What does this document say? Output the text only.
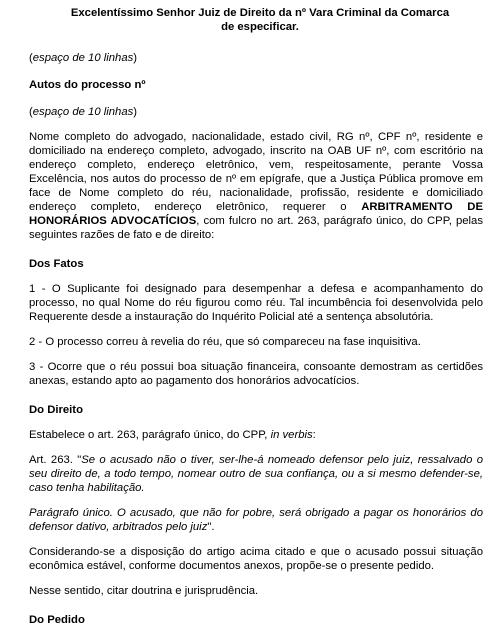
Excelentíssimo Senhor Juiz de Direito da nº Vara Criminal da Comarca
de especificar.
(espaço de 10 linhas)
Autos do processo nº
(espaço de 10 linhas)
Nome completo do advogado, nacionalidade, estado civil, RG nº, CPF nº, residente e domiciliado na endereço completo, advogado, inscrito na OAB UF nº, com escritório na endereço completo, endereço eletrônico, vem, respeitosamente, perante Vossa Excelência, nos autos do processo de nº em epígrafe, que a Justiça Pública promove em face de Nome completo do réu, nacionalidade, profissão, residente e domiciliado endereço completo, endereço eletrônico, requerer o ARBITRAMENTO DE HONORÁRIOS ADVOCATÍCIOS, com fulcro no art. 263, parágrafo único, do CPP, pelas seguintes razões de fato e de direito:
Dos Fatos
1 - O Suplicante foi designado para desempenhar a defesa e acompanhamento do processo, no qual Nome do réu figurou como réu. Tal incumbência foi desenvolvida pelo Requerente desde a instauração do Inquérito Policial até a sentença absolutória.
2 - O processo correu à revelia do réu, que só compareceu na fase inquisitiva.
3 - Ocorre que o réu possui boa situação financeira, consoante demostram as certidões anexas, estando apto ao pagamento dos honorários advocatícios.
Do Direito
Estabelece o art. 263, parágrafo único, do CPP, in verbis:
Art. 263. "Se o acusado não o tiver, ser-lhe-á nomeado defensor pelo juiz, ressalvado o seu direito de, a todo tempo, nomear outro de sua confiança, ou a si mesmo defender-se, caso tenha habilitação.
Parágrafo único. O acusado, que não for pobre, será obrigado a pagar os honorários do defensor dativo, arbitrados pelo juiz".
Considerando-se a disposição do artigo acima citado e que o acusado possui situação econômica estável, conforme documentos anexos, propõe-se o presente pedido.
Nesse sentido, citar doutrina e jurisprudência.
Do Pedido
